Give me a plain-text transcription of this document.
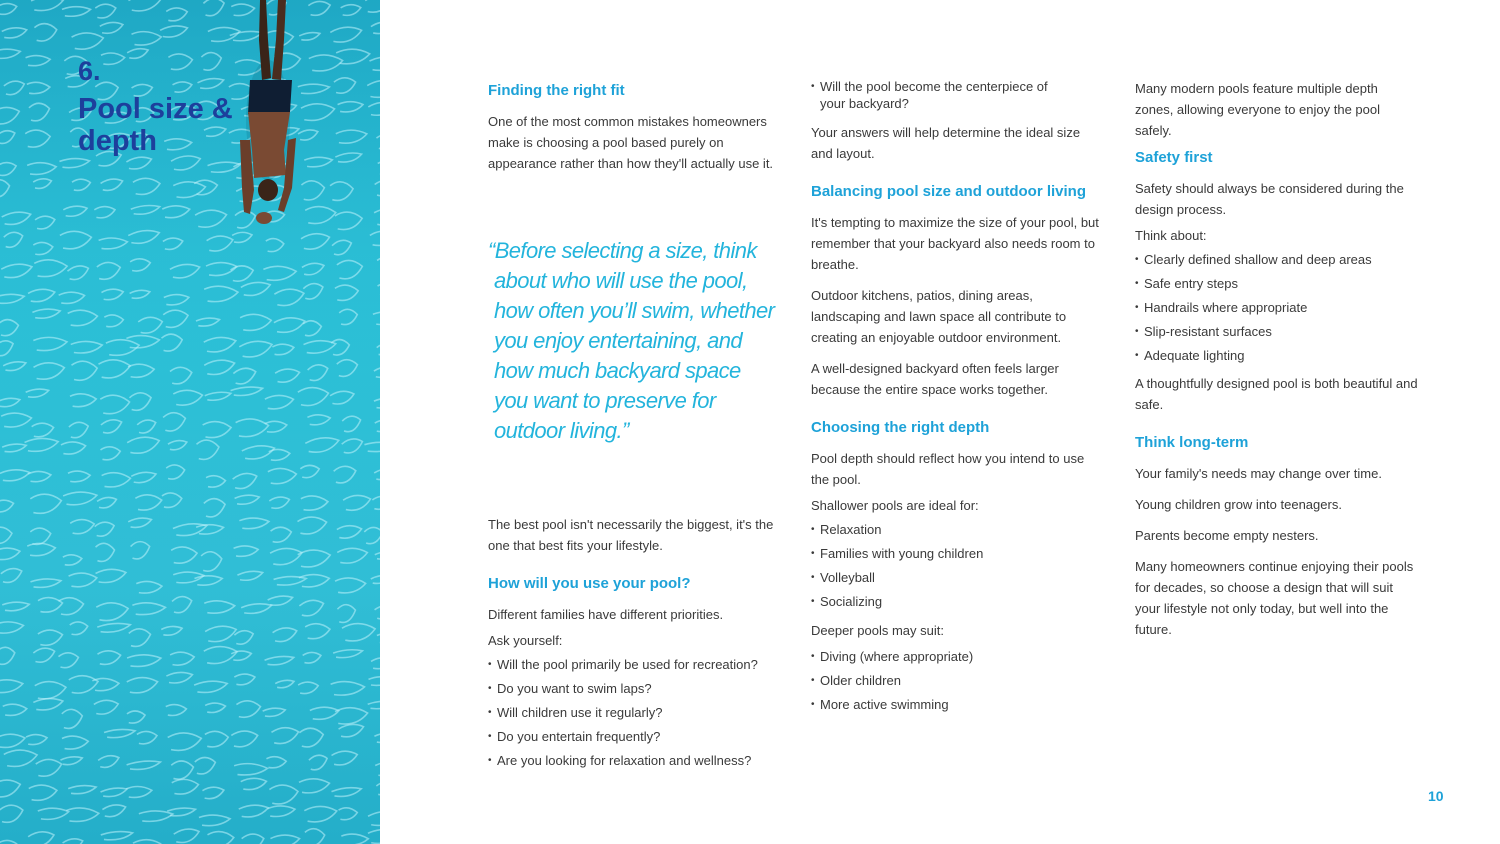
6.

Pool size & depth
Finding the right fit

One of the most common mistakes homeowners make is choosing a pool based purely on appearance rather than how they'll actually use it.

“Before selecting a size, think about who will use the pool, how often you’ll swim, whether you enjoy entertaining, and how much backyard space you want to preserve for outdoor living.”

The best pool isn't necessarily the biggest, it's the one that best fits your lifestyle.

How will you use your pool?

Different families have different priorities.

Ask yourself:

• Will the pool primarily be used for recreation?
• Do you want to swim laps?
• Will children use it regularly?
• Do you entertain frequently?
• Are you looking for relaxation and wellness?
• Will the pool become the centerpiece of your backyard?

Your answers will help determine the ideal size and layout.

Balancing pool size and outdoor living

It's tempting to maximize the size of your pool, but remember that your backyard also needs room to breathe.

Outdoor kitchens, patios, dining areas, landscaping and lawn space all contribute to creating an enjoyable outdoor environment.

A well-designed backyard often feels larger because the entire space works together.

Choosing the right depth

Pool depth should reflect how you intend to use the pool.

Shallower pools are ideal for:

• Relaxation
• Families with young children
• Volleyball
• Socializing

Deeper pools may suit:

• Diving (where appropriate)
• Older children
• More active swimming

Many modern pools feature multiple depth zones, allowing everyone to enjoy the pool safely.

Safety first

Safety should always be considered during the design process.

Think about:

• Clearly defined shallow and deep areas
• Safe entry steps
• Handrails where appropriate
• Slip-resistant surfaces
• Adequate lighting

A thoughtfully designed pool is both beautiful and safe.

Think long-term

Your family's needs may change over time.

Young children grow into teenagers.

Parents become empty nesters.

Many homeowners continue enjoying their pools for decades, so choose a design that will suit your lifestyle not only today, but well into the future.

10
